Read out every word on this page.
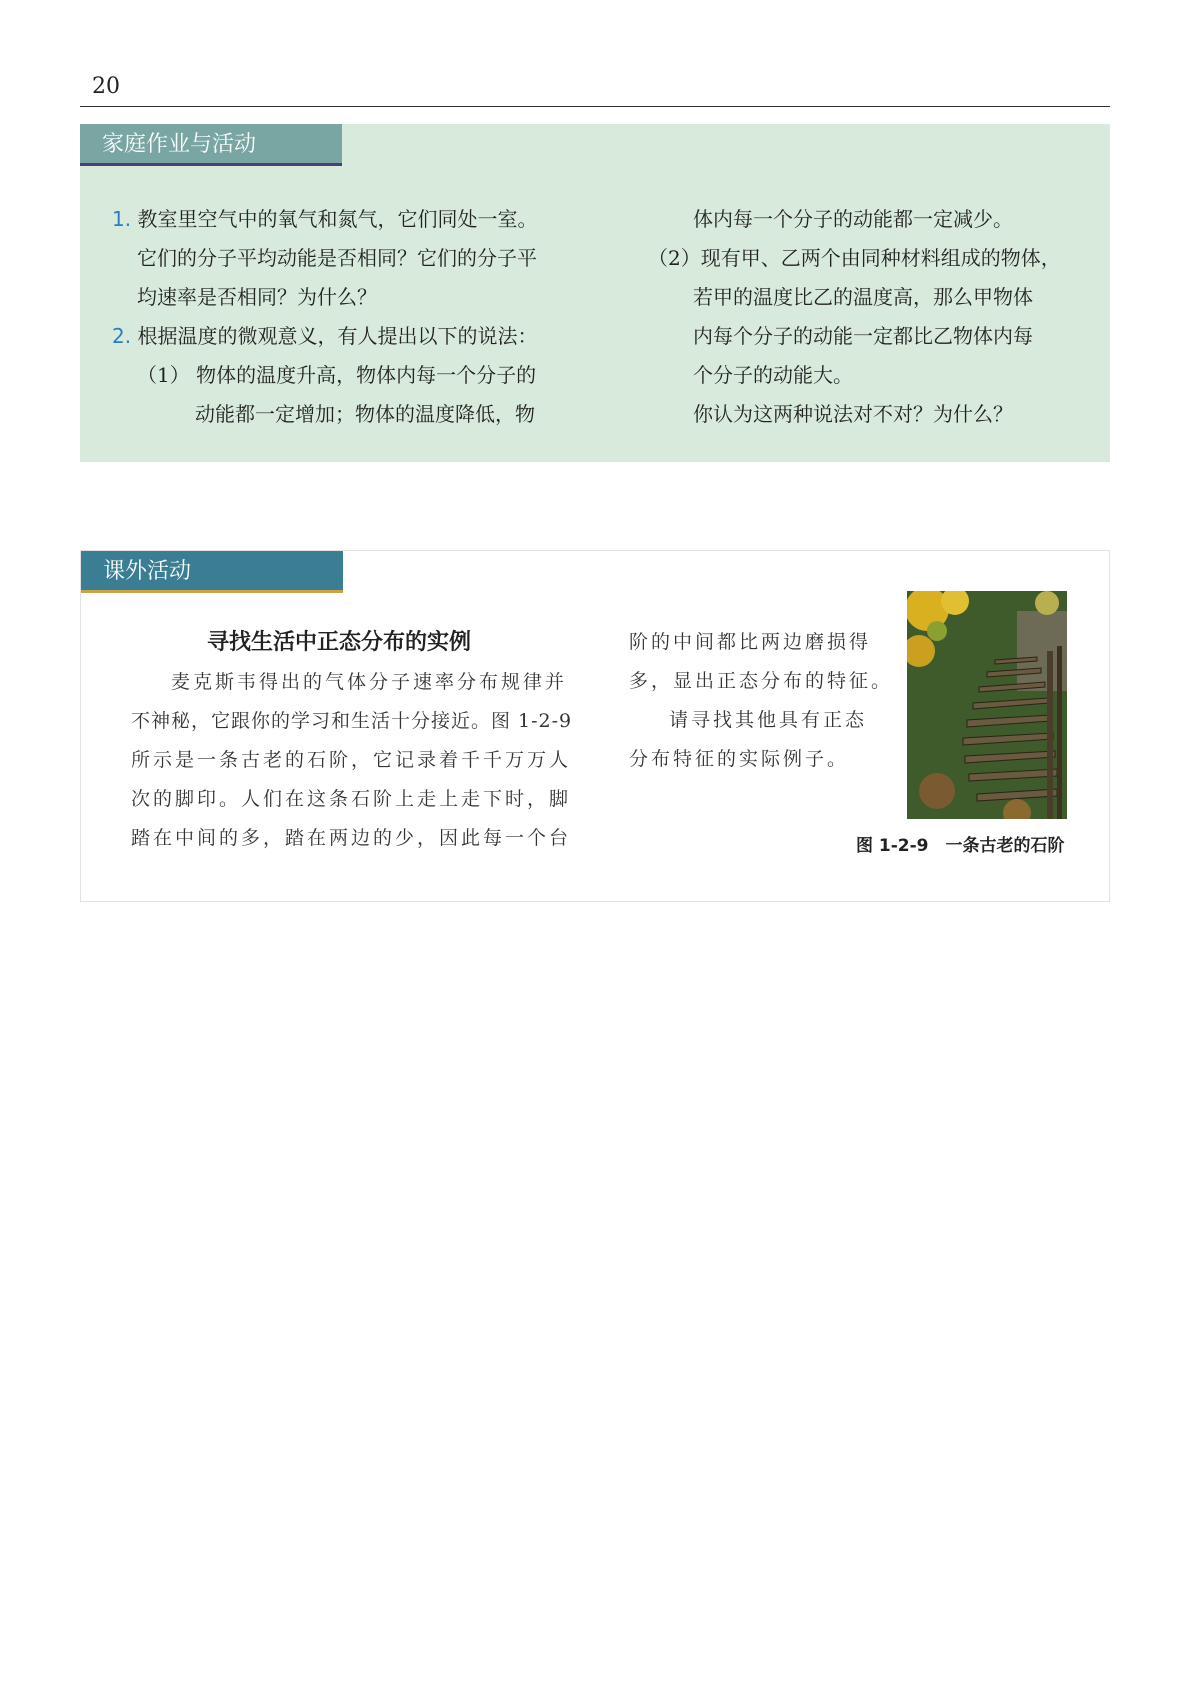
20
家庭作业与活动
1. 教室里空气中的氧气和氮气，它们同处一室。
它们的分子平均动能是否相同？它们的分子平
均速率是否相同？为什么？
2. 根据温度的微观意义，有人提出以下的说法：
（1） 物体的温度升高，物体内每一个分子的
动能都一定增加；物体的温度降低，物
体内每一个分子的动能都一定减少。
（2）现有甲、乙两个由同种材料组成的物体，
若甲的温度比乙的温度高，那么甲物体
内每个分子的动能一定都比乙物体内每
个分子的动能大。
你认为这两种说法对不对？为什么？
课外活动
寻找生活中正态分布的实例
麦克斯韦得出的气体分子速率分布规律并
不神秘，它跟你的学习和生活十分接近。图 1-2-9
所示是一条古老的石阶，它记录着千千万万人
次的脚印。人们在这条石阶上走上走下时，脚
踏在中间的多，踏在两边的少，因此每一个台
阶的中间都比两边磨损得
多，显出正态分布的特征。
请寻找其他具有正态
分布特征的实际例子。
图 1-2-9　一条古老的石阶
